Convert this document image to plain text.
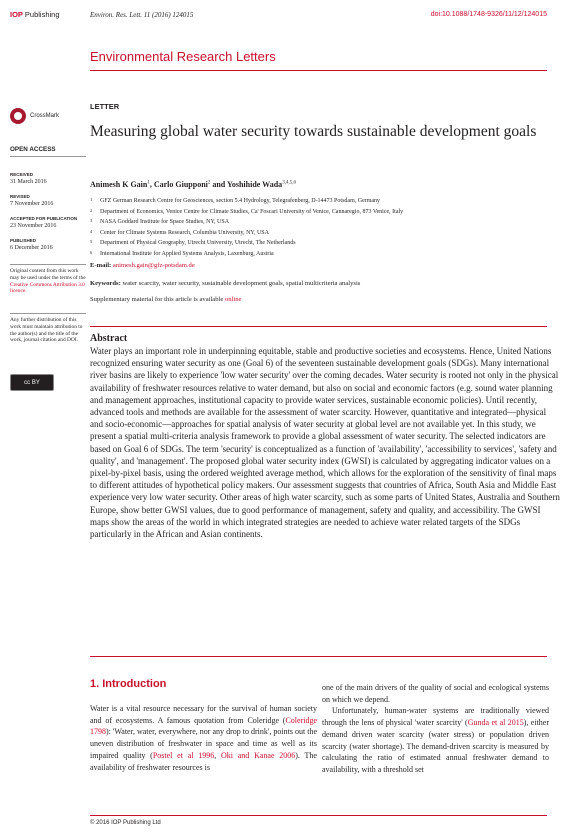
IOP Publishing	Environ. Res. Lett. 11 (2016) 124015	doi:10.1088/1748-9326/11/12/124015
Environmental Research Letters
CrossMark
OPEN ACCESS
RECEIVED
31 March 2016
REVISED
7 November 2016
ACCEPTED FOR PUBLICATION
23 November 2016
PUBLISHED
6 December 2016
Original content from this work may be used under the terms of the Creative Commons Attribution 3.0 licence.
Any further distribution of this work must maintain attribution to the author(s) and the title of the work, journal citation and DOI.
cc BY
LETTER
Measuring global water security towards sustainable development goals
Animesh K Gain$^1$, Carlo Giupponi$^2$ and Yoshihide Wada$^{3,4,5,6}$
1 GFZ German Research Centre for Geosciences, section 5.4 Hydrology, Telegrafenberg, D-14473 Potsdam, Germany
2 Department of Economics, Venice Centre for Climate Studies, Ca' Foscari University of Venice, Cannaregio, 873 Venice, Italy
3 NASA Goddard Institute for Space Studies, NY, USA
4 Center for Climate Systems Research, Columbia University, NY, USA
5 Department of Physical Geography, Utrecht University, Utrecht, The Netherlands
6 International Institute for Applied Systems Analysis, Laxenburg, Austria
E-mail: animesh.gain@gfz-potsdam.de
Keywords: water scarcity, water security, sustainable development goals, spatial multicriteria analysis
Supplementary material for this article is available online
Abstract
Water plays an important role in underpinning equitable, stable and productive societies and ecosystems. Hence, United Nations recognized ensuring water security as one (Goal 6) of the seventeen sustainable development goals (SDGs). Many international river basins are likely to experience 'low water security' over the coming decades. Water security is rooted not only in the physical availability of freshwater resources relative to water demand, but also on social and economic factors (e.g. sound water planning and management approaches, institutional capacity to provide water services, sustainable economic policies). Until recently, advanced tools and methods are available for the assessment of water scarcity. However, quantitative and integrated—physical and socio-economic—approaches for spatial analysis of water security at global level are not available yet. In this study, we present a spatial multi-criteria analysis framework to provide a global assessment of water security. The selected indicators are based on Goal 6 of SDGs. The term 'security' is conceptualized as a function of 'availability', 'accessibility to services', 'safety and quality', and 'management'. The proposed global water security index (GWSI) is calculated by aggregating indicator values on a pixel-by-pixel basis, using the ordered weighted average method, which allows for the exploration of the sensitivity of final maps to different attitudes of hypothetical policy makers. Our assessment suggests that countries of Africa, South Asia and Middle East experience very low water security. Other areas of high water scarcity, such as some parts of United States, Australia and Southern Europe, show better GWSI values, due to good performance of management, safety and quality, and accessibility. The GWSI maps show the areas of the world in which integrated strategies are needed to achieve water related targets of the SDGs particularly in the African and Asian continents.
1. Introduction
Water is a vital resource necessary for the survival of human society and of ecosystems. A famous quotation from Coleridge (Coleridge 1798): 'Water, water, everywhere, nor any drop to drink', points out the uneven distribution of freshwater in space and time as well as its impaired quality (Postel et al 1996, Oki and Kanae 2006). The availability of freshwater resources is
one of the main drivers of the quality of social and ecological systems on which we depend.
Unfortunately, human-water systems are traditionally viewed through the lens of physical 'water scarcity' (Gunda et al 2015), either demand driven water scarcity (water stress) or population driven scarcity (water shortage). The demand-driven scarcity is measured by calculating the ratio of estimated annual freshwater demand to availability, with a threshold set
© 2016 IOP Publishing Ltd
